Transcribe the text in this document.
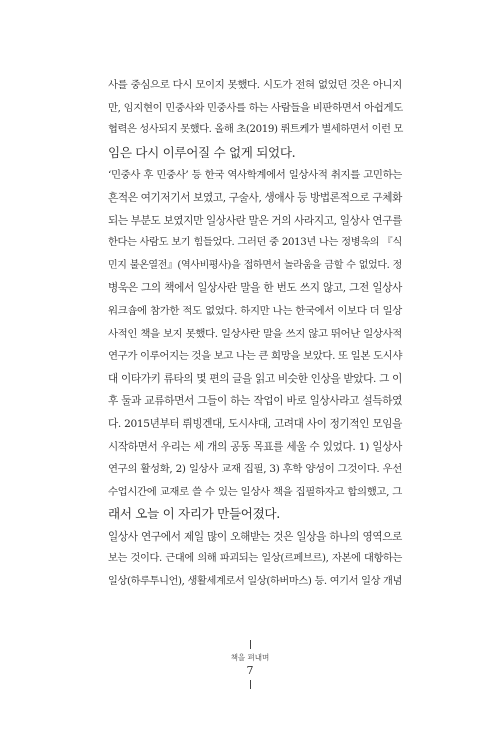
사를 중심으로 다시 모이지 못했다. 시도가 전혀 없었던 것은 아니지
만, 임지현이 민중사와 민중사를 하는 사람들을 비판하면서 아쉽게도
협력은 성사되지 못했다. 올해 초(2019) 뤼트케가 별세하면서 이런 모
임은 다시 이루어질 수 없게 되었다.

‘민중사 후 민중사’ 등 한국 역사학계에서 일상사적 취지를 고민하는
흔적은 여기저기서 보였고, 구술사, 생애사 등 방법론적으로 구체화
되는 부분도 보였지만 일상사란 말은 거의 사라지고, 일상사 연구를
한다는 사람도 보기 힘들었다. 그러던 중 2013년 나는 정병욱의 『식
민지 불온열전』(역사비평사)을 접하면서 놀라움을 금할 수 없었다. 정
병욱은 그의 책에서 일상사란 말을 한 번도 쓰지 않고, 그전 일상사
워크숍에 참가한 적도 없었다. 하지만 나는 한국에서 이보다 더 일상
사적인 책을 보지 못했다. 일상사란 말을 쓰지 않고 뛰어난 일상사적
연구가 이루어지는 것을 보고 나는 큰 희망을 보았다. 또 일본 도시샤
대 이타가키 류타의 몇 편의 글을 읽고 비슷한 인상을 받았다. 그 이
후 둘과 교류하면서 그들이 하는 작업이 바로 일상사라고 설득하였
다. 2015년부터 뤼빙겐대, 도시샤대, 고려대 사이 정기적인 모임을
시작하면서 우리는 세 개의 공동 목표를 세울 수 있었다. 1) 일상사
연구의 활성화, 2) 일상사 교재 집필, 3) 후학 양성이 그것이다. 우선
수업시간에 교재로 쓸 수 있는 일상사 책을 집필하자고 합의했고, 그
래서 오늘 이 자리가 만들어졌다.

일상사 연구에서 제일 많이 오해받는 것은 일상을 하나의 영역으로
보는 것이다. 근대에 의해 파괴되는 일상(르페브르), 자본에 대항하는
일상(하루투니언), 생활세계로서 일상(하버마스) 등. 여기서 일상 개념

책을 펴내며
7
